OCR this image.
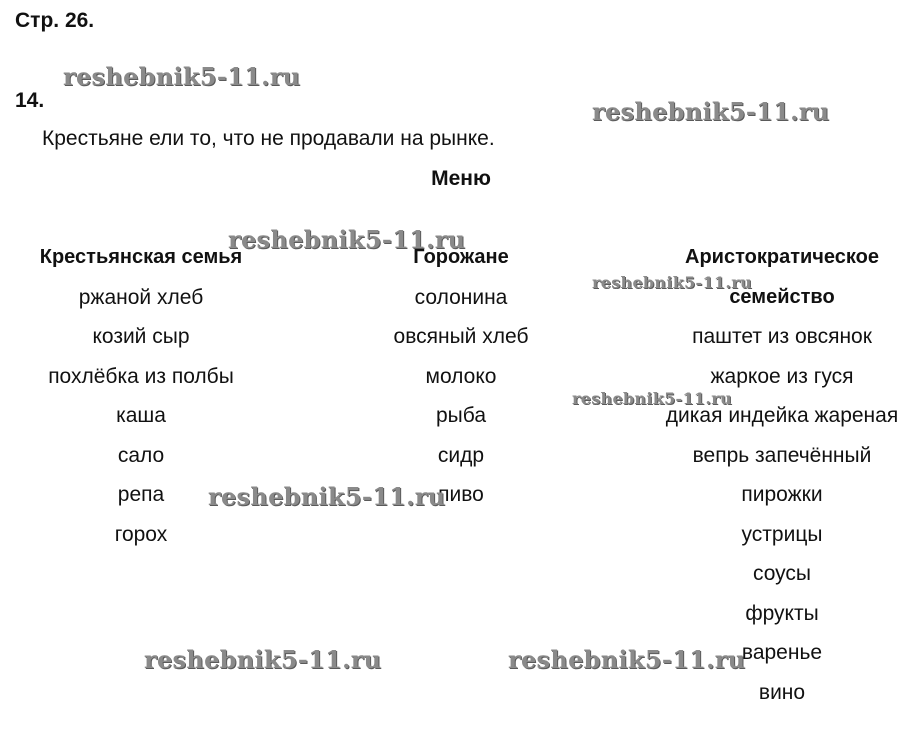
Стр. 26.
14.
Крестьяне ели то, что не продавали на рынке.
Меню
Крестьянская семья
ржаной хлеб
козий сыр
похлёбка из полбы
каша
сало
репа
горох
Горожане
солонина
овсяный хлеб
молоко
рыба
сидр
пиво
Аристократическое
семейство
паштет из овсянок
жаркое из гуся
дикая индейка жареная
вепрь запечённый
пирожки
устрицы
соусы
фрукты
варенье
вино
reshebnik5-11.ru
reshebnik5-11.ru
reshebnik5-11.ru
reshebnik5-11.ru
reshebnik5-11.ru
reshebnik5-11.ru
reshebnik5-11.ru	reshebnik5-11.ru
